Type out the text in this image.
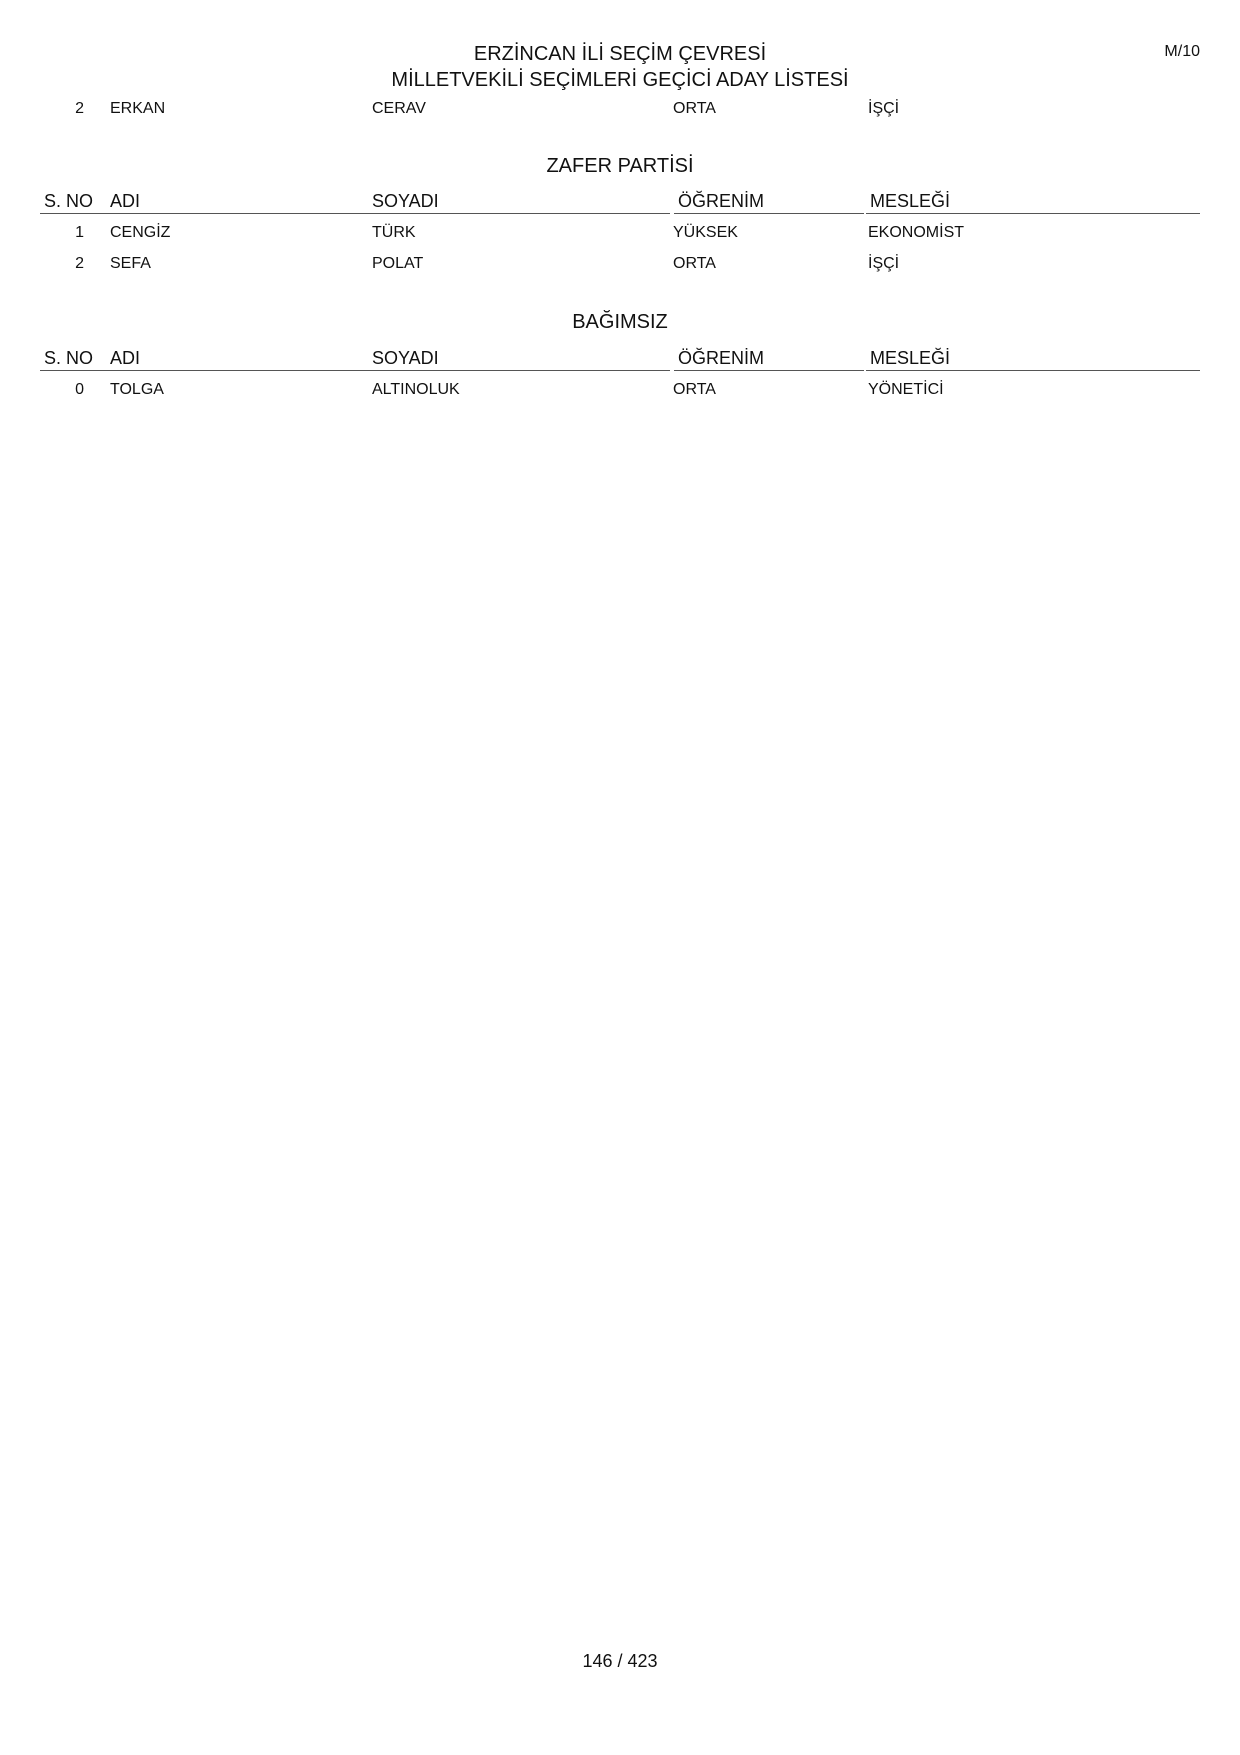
ERZİNCAN İLİ SEÇİM ÇEVRESİ
MİLLETVEKİLİ SEÇİMLERİ GEÇİCİ ADAY LİSTESİ
M/10
2 ERKAN	CERAV	ORTA	İŞÇİ
ZAFER PARTİSİ
S. NO ADI	SOYADI	ÖĞRENİM	MESLEĞİ
1 CENGİZ	TÜRK	YÜKSEK	EKONOMİST
2 SEFA	POLAT	ORTA	İŞÇİ
BAĞIMSIZ
S. NO ADI	SOYADI	ÖĞRENİM	MESLEĞİ
0 TOLGA	ALTINOLUK	ORTA	YÖNETİCİ
146 / 423
